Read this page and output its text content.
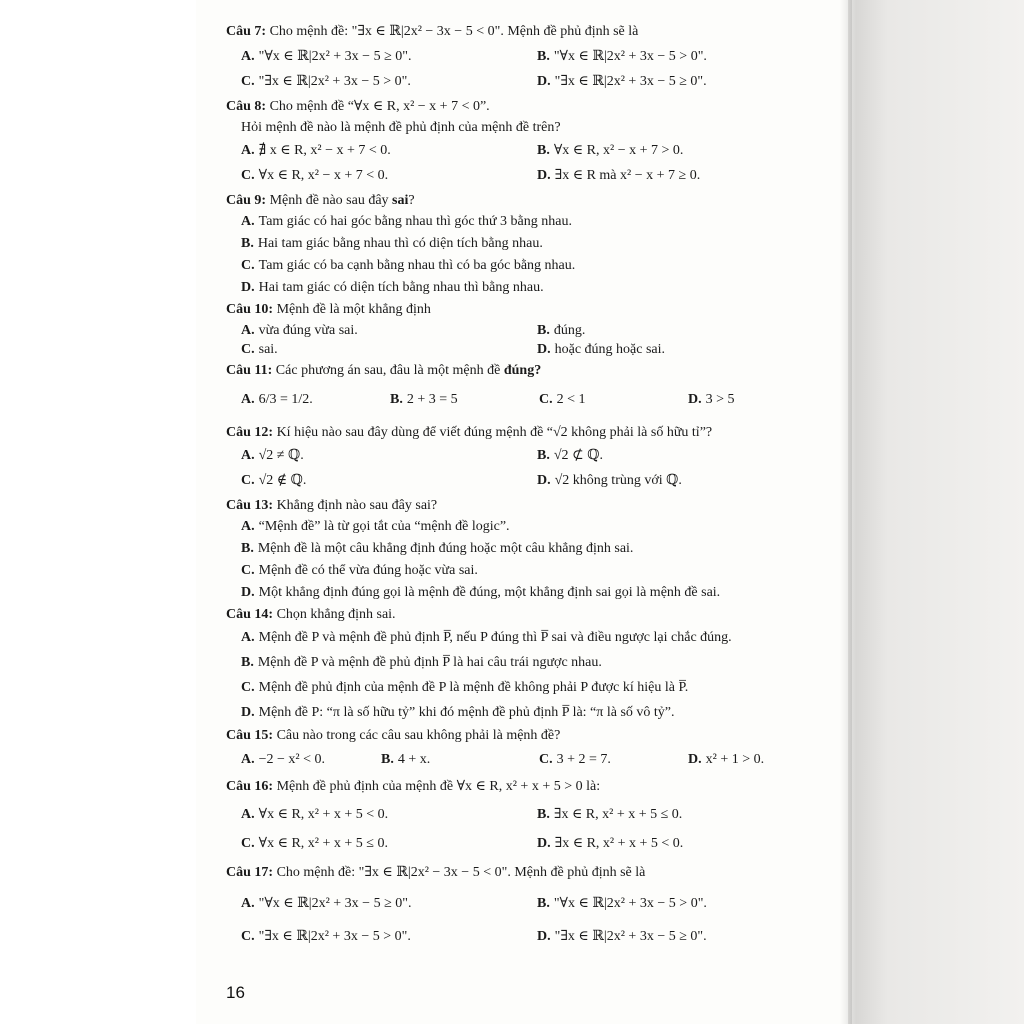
Câu 7: Cho mệnh đề: "∃x ∈ ℝ|2x² − 3x − 5 < 0". Mệnh đề phủ định sẽ là

A. "∀x ∈ ℝ|2x² + 3x − 5 ≥ 0".	B. "∀x ∈ ℝ|2x² + 3x − 5 > 0".
C. "∃x ∈ ℝ|2x² + 3x − 5 > 0".	D. "∃x ∈ ℝ|2x² + 3x − 5 ≥ 0".

Câu 8: Cho mệnh đề “∀x ∈ R, x² − x + 7 < 0”.

Hỏi mệnh đề nào là mệnh đề phủ định của mệnh đề trên?

A. ∄ x ∈ R, x² − x + 7 < 0.	B. ∀x ∈ R, x² − x + 7 > 0.
C. ∀x ∈ R, x² − x + 7 < 0.	D. ∃x ∈ R mà x² − x + 7 ≥ 0.

Câu 9: Mệnh đề nào sau đây sai?

A. Tam giác có hai góc bằng nhau thì góc thứ 3 bằng nhau.
B. Hai tam giác bằng nhau thì có diện tích bằng nhau.
C. Tam giác có ba cạnh bằng nhau thì có ba góc bằng nhau.
D. Hai tam giác có diện tích bằng nhau thì bằng nhau.

Câu 10: Mệnh đề là một khẳng định

A. vừa đúng vừa sai.	B. đúng.
C. sai.	D. hoặc đúng hoặc sai.

Câu 11: Các phương án sau, đâu là một mệnh đề đúng?

A. 6/3 = 1/2.	B. 2 + 3 = 5	C. 2 < 1	D. 3 > 5

Câu 12: Kí hiệu nào sau đây dùng để viết đúng mệnh đề “√2 không phải là số hữu tỉ”?

A. √2 ≠ ℚ.	B. √2 ⊄ ℚ.
C. √2 ∉ ℚ.	D. √2 không trùng với ℚ.

Câu 13: Khẳng định nào sau đây sai?

A. “Mệnh đề” là từ gọi tắt của “mệnh đề logic”.
B. Mệnh đề là một câu khẳng định đúng hoặc một câu khẳng định sai.
C. Mệnh đề có thể vừa đúng hoặc vừa sai.
D. Một khẳng định đúng gọi là mệnh đề đúng, một khẳng định sai gọi là mệnh đề sai.

Câu 14: Chọn khẳng định sai.

A. Mệnh đề P và mệnh đề phủ định P̅, nếu P đúng thì P̅ sai và điều ngược lại chắc đúng.
B. Mệnh đề P và mệnh đề phủ định P̅ là hai câu trái ngược nhau.
C. Mệnh đề phủ định của mệnh đề P là mệnh đề không phải P được kí hiệu là P̅.
D. Mệnh đề P: “π là số hữu tỷ” khi đó mệnh đề phủ định P̅ là: “π là số vô tỷ”.

Câu 15: Câu nào trong các câu sau không phải là mệnh đề?

A. −2 − x² < 0.	B. 4 + x.	C. 3 + 2 = 7.	D. x² + 1 > 0.

Câu 16: Mệnh đề phủ định của mệnh đề ∀x ∈ R, x² + x + 5 > 0 là:

A. ∀x ∈ R, x² + x + 5 < 0.	B. ∃x ∈ R, x² + x + 5 ≤ 0.
C. ∀x ∈ R, x² + x + 5 ≤ 0.	D. ∃x ∈ R, x² + x + 5 < 0.

Câu 17: Cho mệnh đề: "∃x ∈ ℝ|2x² − 3x − 5 < 0". Mệnh đề phủ định sẽ là

A. "∀x ∈ ℝ|2x² + 3x − 5 ≥ 0".	B. "∀x ∈ ℝ|2x² + 3x − 5 > 0".
C. "∃x ∈ ℝ|2x² + 3x − 5 > 0".	D. "∃x ∈ ℝ|2x² + 3x − 5 ≥ 0".
16
